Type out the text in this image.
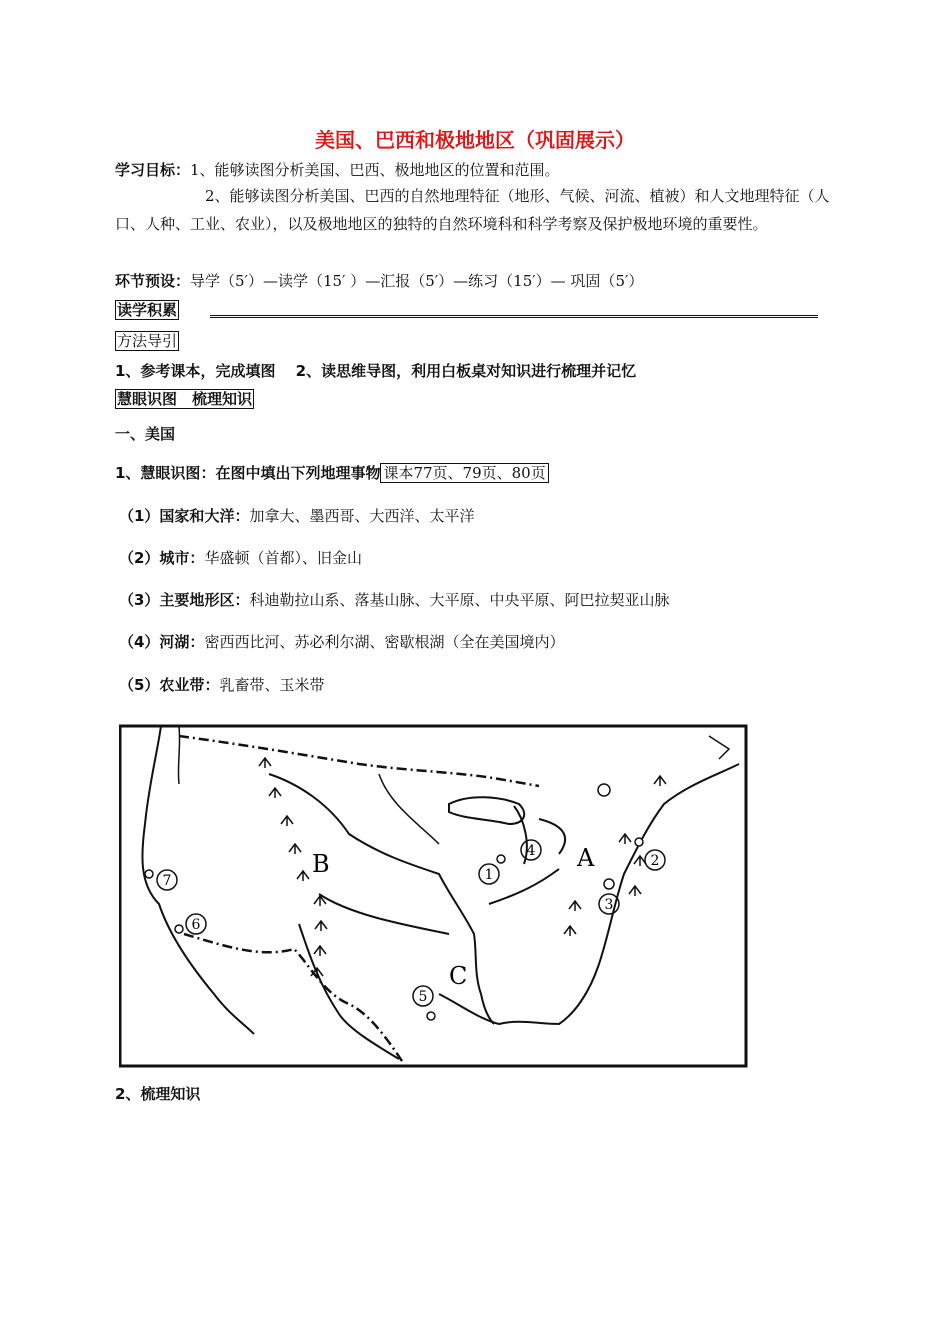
美国、巴西和极地地区（巩固展示）
学习目标：1、能够读图分析美国、巴西、极地地区的位置和范围。
2、能够读图分析美国、巴西的自然地理特征（地形、气候、河流、植被）和人文地理特征（人口、人种、工业、农业），以及极地地区的独特的自然环境科和科学考察及保护极地环境的重要性。
环节预设：导学（5′）—读学（15′ ）—汇报（5′）—练习（15′）— 巩固（5′）
读学积累
方法导引
1、参考课本，完成填图　 2、读思维导图，利用白板桌对知识进行梳理并记忆
慧眼识图　梳理知识
一、美国
1、慧眼识图：在图中填出下列地理事物 课本77页、79页、80页
（1）国家和大洋：加拿大、墨西哥、大西洋、太平洋
（2）城市：华盛顿（首都）、旧金山
（3）主要地形区：科迪勒拉山系、落基山脉、大平原、中央平原、阿巴拉契亚山脉
（4）河湖：密西西比河、苏必利尔湖、密歇根湖（全在美国境内）
（5）农业带：乳畜带、玉米带
B	A
C
1
2
3
4
5
6
7
2、梳理知识
